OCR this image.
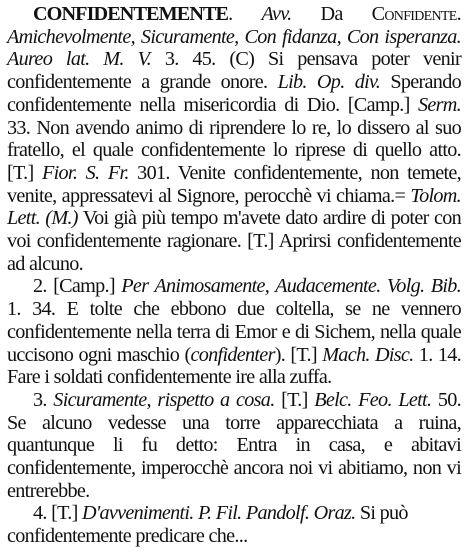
CONFIDENTEMENTE. Avv. Da Confidente. Amichevolmente, Sicuramente, Con fidanza, Con isperanza. Aureo lat. M. V. 3. 45. (C) Si pensava poter venir confidentemente a grande onore. Lib. Op. div. Sperando confidentemente nella misericordia di Dio. [Camp.] Serm. 33. Non avendo animo di riprendere lo re, lo dissero al suo fratello, el quale confidentemente lo riprese di quello atto. [T.] Fior. S. Fr. 301. Venite confidentemente, non temete, venite, appressatevi al Signore, perocchè vi chiama.= Tolom. Lett. (M.) Voi già più tempo m'avete dato ardire di poter con voi confidentemente ragionare. [T.] Aprirsi confidentemente ad alcuno.

2. [Camp.] Per Animosamente, Audacemente. Volg. Bib. 1. 34. E tolte che ebbono due coltella, se ne vennero confidentemente nella terra di Emor e di Sichem, nella quale uccisono ogni maschio (confidenter). [T.] Mach. Disc. 1. 14. Fare i soldati confidentemente ire alla zuffa.

3. Sicuramente, rispetto a cosa. [T.] Belc. Feo. Lett. 50. Se alcuno vedesse una torre apparecchiata a ruina, quantunque li fu detto: Entra in casa, e abitavi confidentemente, imperocchè ancora noi vi abitiamo, non vi entrerebbe.

4. [T.] D'avvenimenti. P. Fil. Pandolf. Oraz. Si può confidentemente predicare che...
